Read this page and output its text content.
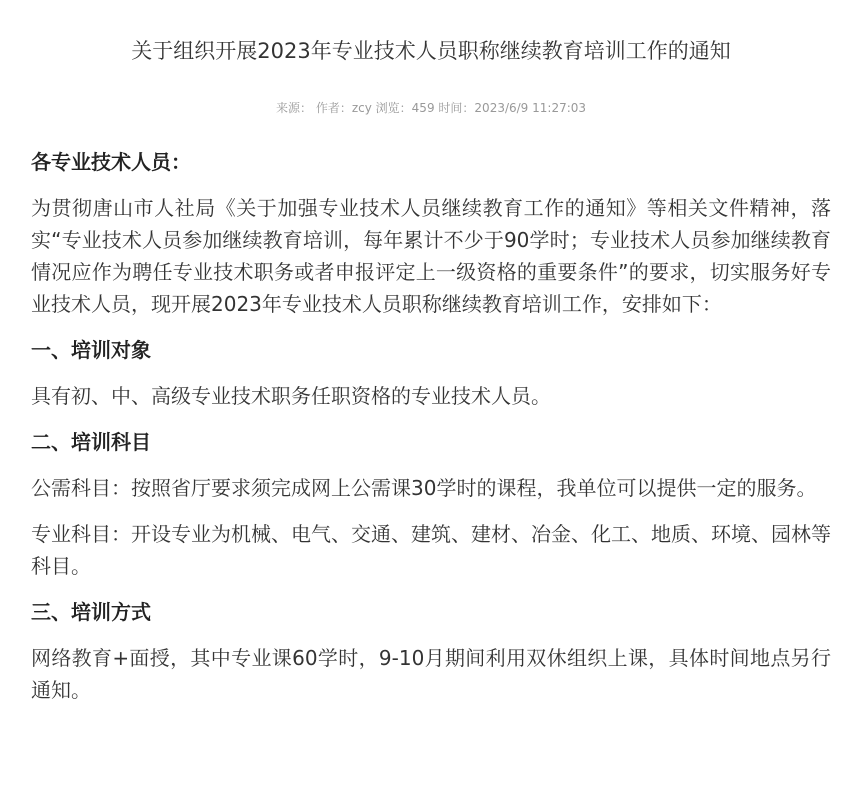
关于组织开展2023年专业技术人员职称继续教育培训工作的通知
来源： 作者：zcy 浏览：459 时间：2023/6/9 11:27:03

各专业技术人员：

为贯彻唐山市人社局《关于加强专业技术人员继续教育工作的通知》等相关文件精神，落实“专业技术人员参加继续教育培训，每年累计不少于90学时；专业技术人员参加继续教育情况应作为聘任专业技术职务或者申报评定上一级资格的重要条件”的要求，切实服务好专业技术人员，现开展2023年专业技术人员职称继续教育培训工作，安排如下：

一、培训对象

具有初、中、高级专业技术职务任职资格的专业技术人员。

二、培训科目

公需科目：按照省厅要求须完成网上公需课30学时的课程，我单位可以提供一定的服务。

专业科目：开设专业为机械、电气、交通、建筑、建材、冶金、化工、地质、环境、园林等科目。

三、培训方式

网络教育+面授，其中专业课60学时，9-10月期间利用双休组织上课，具体时间地点另行通知。
